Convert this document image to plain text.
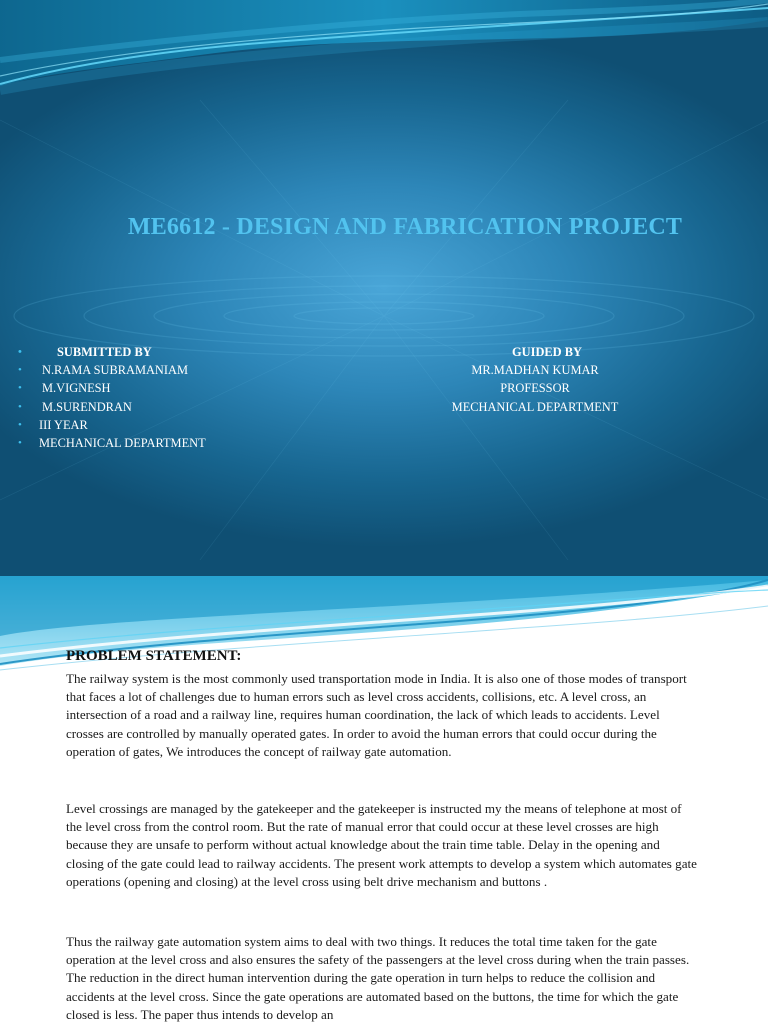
ME6612 - DESIGN AND FABRICATION PROJECT
• SUBMITTED BY
• N.RAMA SUBRAMANIAM
• M.VIGNESH
• M.SURENDRAN
• III YEAR
• MECHANICAL DEPARTMENT
GUIDED BY
MR.MADHAN KUMAR
PROFESSOR
MECHANICAL DEPARTMENT
PROBLEM STATEMENT:

The railway system is the most commonly used transportation mode in India. It is also one of those modes of transport that faces a lot of challenges due to human errors such as level cross accidents, collisions, etc. A level cross, an intersection of a road and a railway line, requires human coordination, the lack of which leads to accidents. Level crosses are controlled by manually operated gates. In order to avoid the human errors that could occur during the operation of gates, We introduces the concept of railway gate automation.

Level crossings are managed by the gatekeeper and the gatekeeper is instructed my the means of telephone at most of the level cross from the control room. But the rate of manual error that could occur at these level crosses are high because they are unsafe to perform without actual knowledge about the train time table. Delay in the opening and closing of the gate could lead to railway accidents. The present work attempts to develop a system which automates gate operations (opening and closing) at the level cross using belt drive mechanism and buttons .

Thus the railway gate automation system aims to deal with two things. It reduces the total time taken for the gate operation at the level cross and also ensures the safety of the passengers at the level cross during when the train passes. The reduction in the direct human intervention during the gate operation in turn helps to reduce the collision and accidents at the level cross. Since the gate operations are automated based on the buttons, the time for which the gate closed is less. The paper thus intends to develop an
